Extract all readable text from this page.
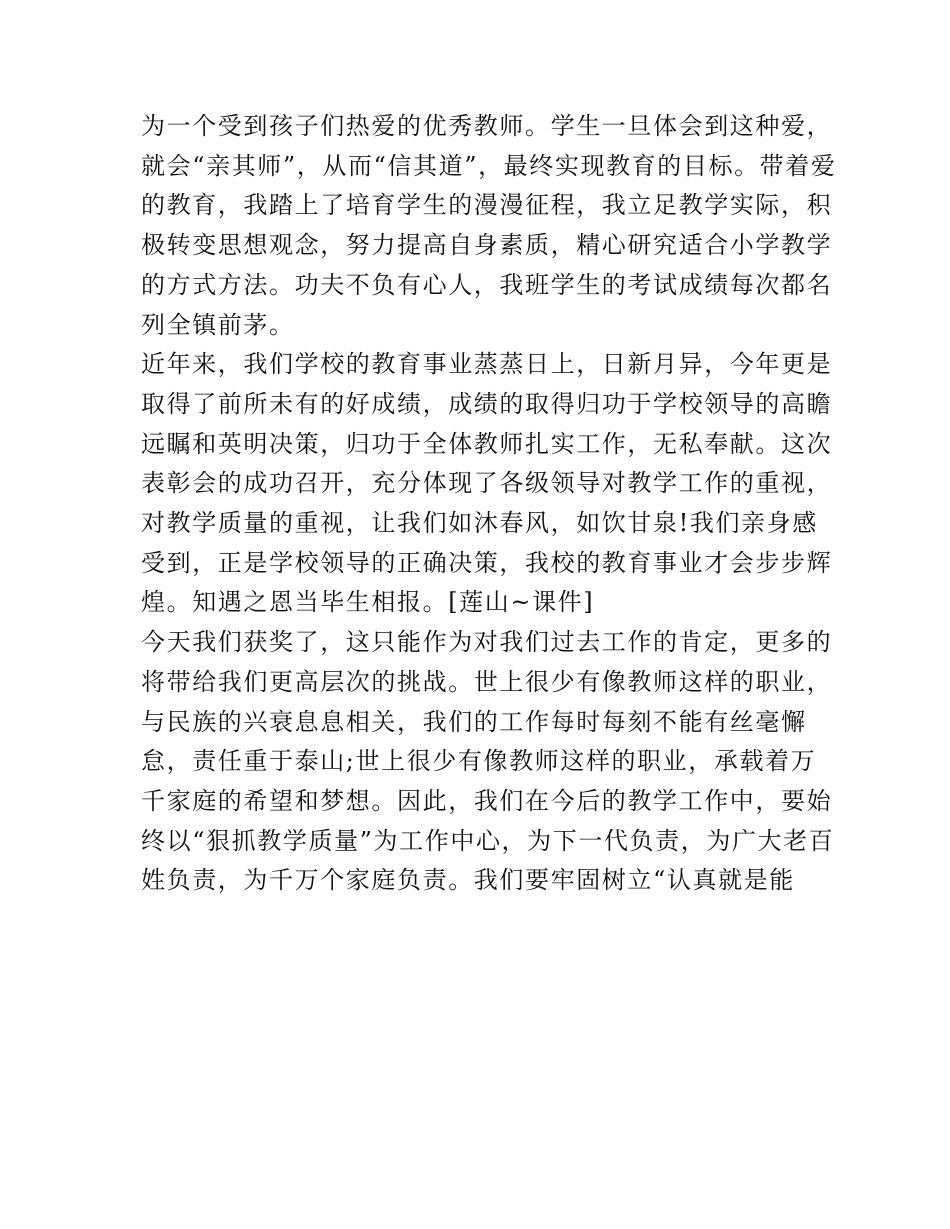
为一个受到孩子们热爱的优秀教师。学生一旦体会到这种爱，

就会“亲其师”，从而“信其道”，最终实现教育的目标。带着爱

的教育，我踏上了培育学生的漫漫征程，我立足教学实际，积

极转变思想观念，努力提高自身素质，精心研究适合小学教学

的方式方法。功夫不负有心人，我班学生的考试成绩每次都名

列全镇前茅。

近年来，我们学校的教育事业蒸蒸日上，日新月异，今年更是

取得了前所未有的好成绩，成绩的取得归功于学校领导的高瞻

远瞩和英明决策，归功于全体教师扎实工作，无私奉献。这次

表彰会的成功召开，充分体现了各级领导对教学工作的重视，

对教学质量的重视，让我们如沐春风，如饮甘泉!我们亲身感

受到，正是学校领导的正确决策，我校的教育事业才会步步辉

煌。知遇之恩当毕生相报。[莲山~课件]

今天我们获奖了，这只能作为对我们过去工作的肯定，更多的

将带给我们更高层次的挑战。世上很少有像教师这样的职业，

与民族的兴衰息息相关，我们的工作每时每刻不能有丝毫懈

怠，责任重于泰山;世上很少有像教师这样的职业，承载着万

千家庭的希望和梦想。因此，我们在今后的教学工作中，要始

终以“狠抓教学质量”为工作中心，为下一代负责，为广大老百

姓负责，为千万个家庭负责。我们要牢固树立“认真就是能
